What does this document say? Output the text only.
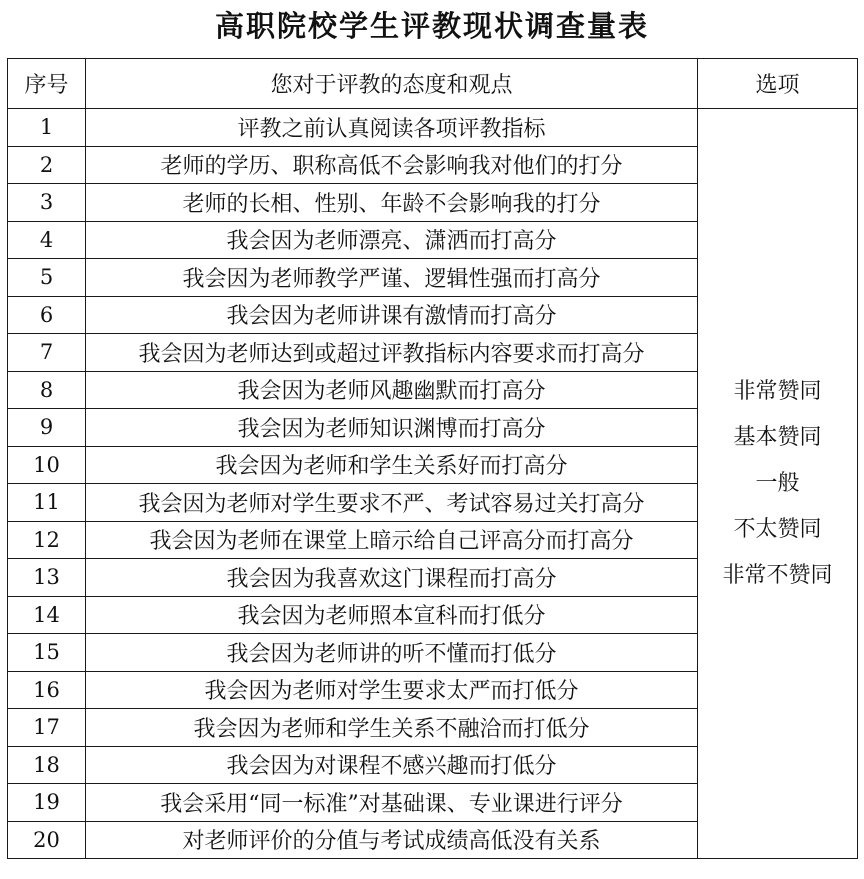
高职院校学生评教现状调查量表
序号	您对于评教的态度和观点	选项
1	评教之前认真阅读各项评教指标	非常赞同
基本赞同
一般
不太赞同
非常不赞同

2	老师的学历、职称高低不会影响我对他们的打分	
3	老师的长相、性别、年龄不会影响我的打分	
4	我会因为老师漂亮、潇洒而打高分	
5	我会因为老师教学严谨、逻辑性强而打高分	
6	我会因为老师讲课有激情而打高分	
7	我会因为老师达到或超过评教指标内容要求而打高分	
8	我会因为老师风趣幽默而打高分	
9	我会因为老师知识渊博而打高分	
10	我会因为老师和学生关系好而打高分	
11	我会因为老师对学生要求不严、考试容易过关打高分	
12	我会因为老师在课堂上暗示给自己评高分而打高分	
13	我会因为我喜欢这门课程而打高分	
14	我会因为老师照本宣科而打低分	
15	我会因为老师讲的听不懂而打低分	
16	我会因为老师对学生要求太严而打低分	
17	我会因为老师和学生关系不融洽而打低分	
18	我会因为对课程不感兴趣而打低分	
19	我会采用“同一标准”对基础课、专业课进行评分	
20	对老师评价的分值与考试成绩高低没有关系	
